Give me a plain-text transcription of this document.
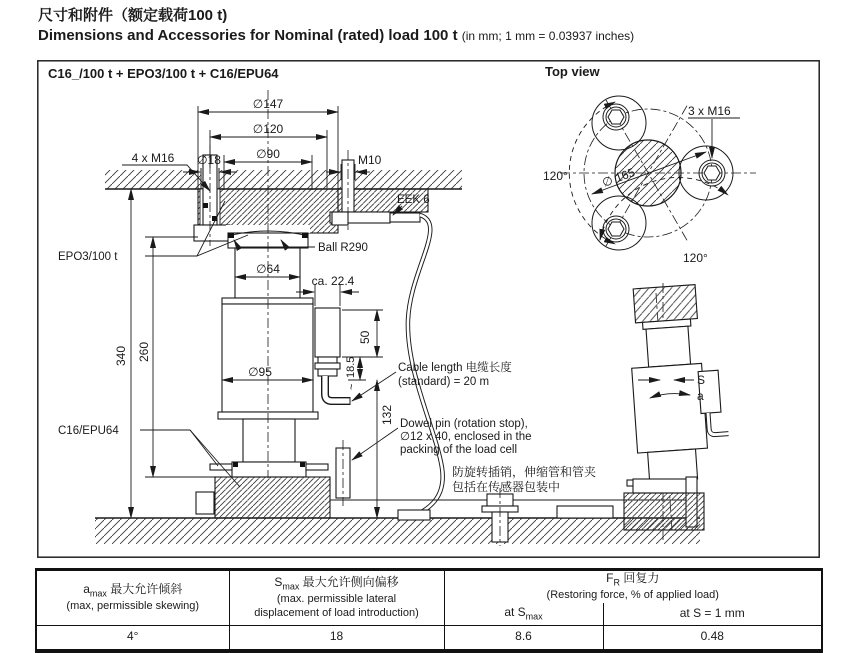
尺寸和附件（额定载荷100 t)
Dimensions and Accessories for Nominal (rated) load 100 t (in mm; 1 mm = 0.03937 inches)
C16_/100 t + EPO3/100 t + C16/EPU64
∅147
∅120
∅90
∅18	M10
4 x M16
∅64
ca. 22.4
∅95
50
18.5
~
132
340 260
EPO3/100 t
C16/EPU64
EEK 6
Ball R290
Cable length 电缆长度
(standard) = 20 m
Dowel pin (rotation stop),
∅12 x 40, enclosed in the
packing of the load cell
防旋转插销，伸缩管和管夹
包括在传感器包装中
Top view
∅ 165
120°
120°
3 x M16
S
a
$a_{max}$ 最大允许倾斜
(max, permissible skewing)	$S_{max}$ 最大允许侧向偏移
(max. permissible lateral
displacement of load introduction)	$F_R$ 回复力
(Restoring force, % of applied load)	
		at $S_{max}$	at S = 1 mm
4°	18	8.6	0.48
